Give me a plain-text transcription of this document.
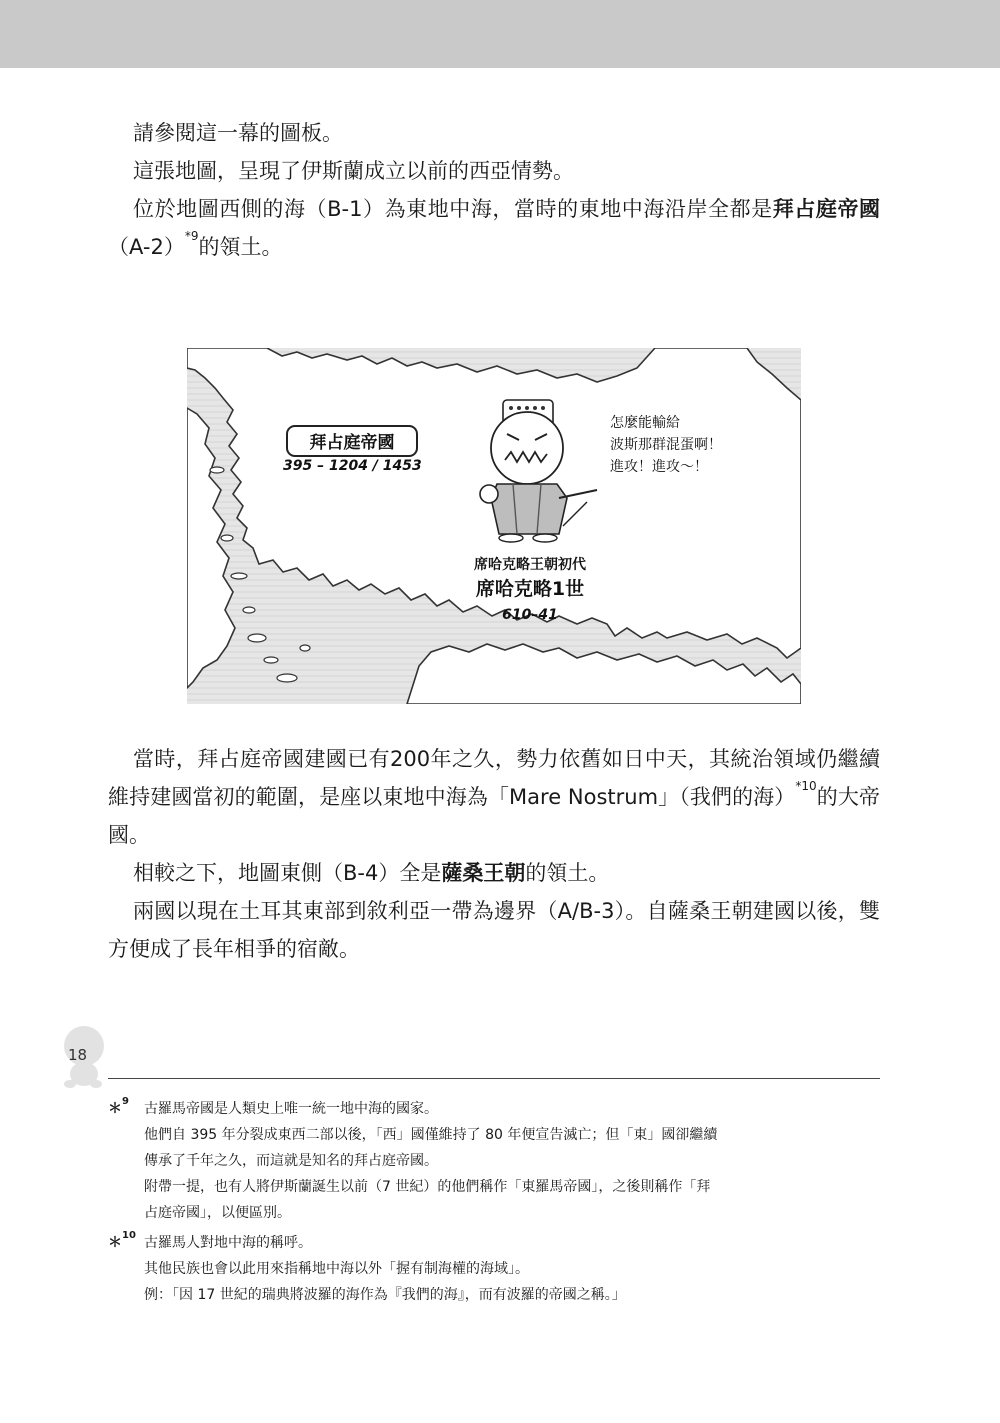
請參閱這一幕的圖板。

這張地圖，呈現了伊斯蘭成立以前的西亞情勢。

位於地圖西側的海（B-1）為東地中海，當時的東地中海沿岸全都是拜占庭帝國$(A-2)^{*9}$的領土。

拜占庭帝國
395 – 1204 / 1453
怎麼能輸給
波斯那群混蛋啊！
進攻！進攻～！
席哈克略王朝初代
席哈克略1世
610–41

當時，拜占庭帝國建國已有200年之久，勢力依舊如日中天，其統治領域仍繼續維持建國當初的範圍，是座以東地中海為「Mare Nostrum」（我們的海）$^{*10}$的大帝國。

相較之下，地圖東側（B-4）全是薩桑王朝的領土。

兩國以現在土耳其東部到敘利亞一帶為邊界（A/B-3）。自薩桑王朝建國以後，雙方便成了長年相爭的宿敵。

＊$^9$ 古羅馬帝國是人類史上唯一統一地中海的國家。
他們自 395 年分裂成東西二部以後，「西」國僅維持了 80 年便宣告滅亡；但「東」國卻繼續
傳承了千年之久，而這就是知名的拜占庭帝國。
附帶一提，也有人將伊斯蘭誕生以前（7 世紀）的他們稱作「東羅馬帝國」，之後則稱作「拜
占庭帝國」，以便區別。
＊$^{10}$ 古羅馬人對地中海的稱呼。
其他民族也會以此用來指稱地中海以外「握有制海權的海域」。
例：「因 17 世紀的瑞典將波羅的海作為『我們的海』，而有波羅的帝國之稱。」
18
